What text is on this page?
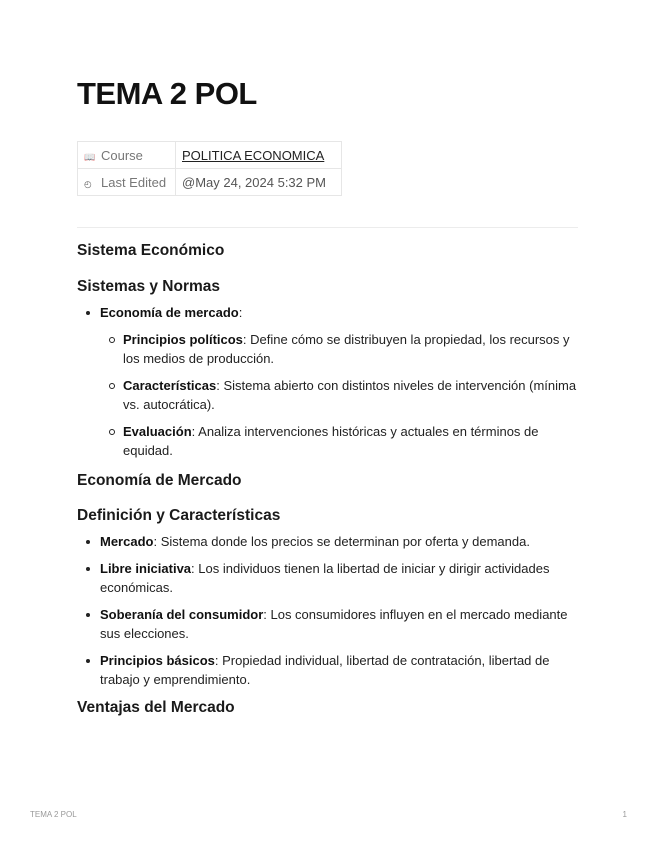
TEMA 2 POL
📖 Course	POLITICA ECONOMICA
◴ Last Edited	@May 24, 2024 5:32 PM
Sistema Económico
Sistemas y Normas
Economía de mercado:
Principios políticos: Define cómo se distribuyen la propiedad, los recursos y los medios de producción.
Características: Sistema abierto con distintos niveles de intervención (mínima vs. autocrática).
Evaluación: Analiza intervenciones históricas y actuales en términos de equidad.
Economía de Mercado
Definición y Características
Mercado: Sistema donde los precios se determinan por oferta y demanda.
Libre iniciativa: Los individuos tienen la libertad de iniciar y dirigir actividades económicas.
Soberanía del consumidor: Los consumidores influyen en el mercado mediante sus elecciones.
Principios básicos: Propiedad individual, libertad de contratación, libertad de trabajo y emprendimiento.
Ventajas del Mercado
TEMA 2 POL	1
